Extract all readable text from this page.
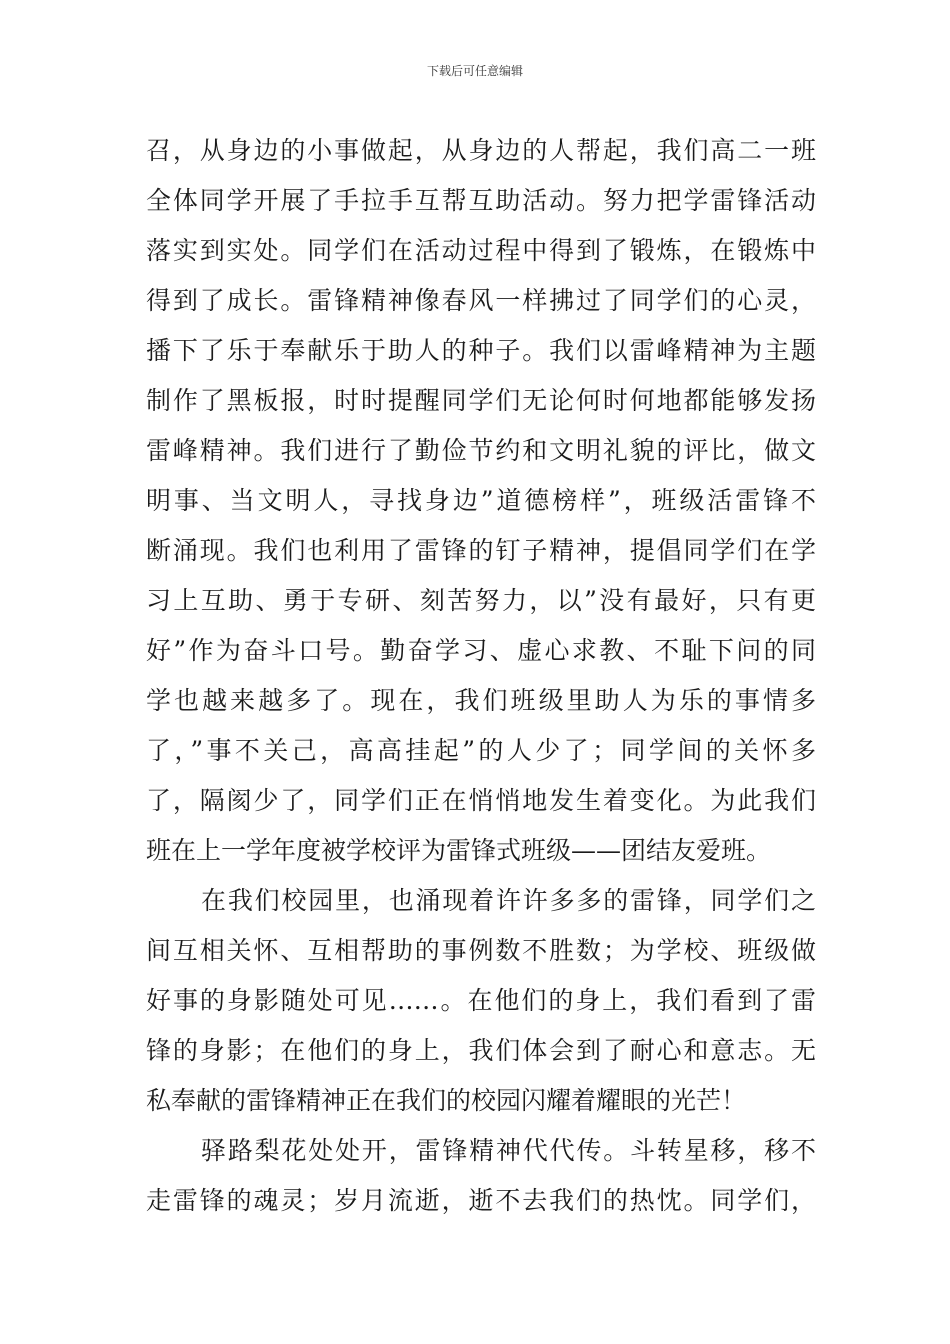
下载后可任意编辑
召，从身边的小事做起，从身边的人帮起，我们高二一班
全体同学开展了手拉手互帮互助活动。努力把学雷锋活动
落实到实处。同学们在活动过程中得到了锻炼，在锻炼中
得到了成长。雷锋精神像春风一样拂过了同学们的心灵，
播下了乐于奉献乐于助人的种子。我们以雷峰精神为主题
制作了黑板报，时时提醒同学们无论何时何地都能够发扬
雷峰精神。我们进行了勤俭节约和文明礼貌的评比，做文
明事、当文明人，寻找身边”道德榜样”，班级活雷锋不
断涌现。我们也利用了雷锋的钉子精神，提倡同学们在学
习上互助、勇于专研、刻苦努力，以”没有最好，只有更
好”作为奋斗口号。勤奋学习、虚心求教、不耻下问的同
学也越来越多了。现在，我们班级里助人为乐的事情多
了，”事不关己，高高挂起”的人少了；同学间的关怀多
了，隔阂少了，同学们正在悄悄地发生着变化。为此我们
班在上一学年度被学校评为雷锋式班级——团结友爱班。
在我们校园里，也涌现着许许多多的雷锋，同学们之
间互相关怀、互相帮助的事例数不胜数；为学校、班级做
好事的身影随处可见……。在他们的身上，我们看到了雷
锋的身影；在他们的身上，我们体会到了耐心和意志。无
私奉献的雷锋精神正在我们的校园闪耀着耀眼的光芒！
驿路梨花处处开，雷锋精神代代传。斗转星移，移不
走雷锋的魂灵；岁月流逝，逝不去我们的热忱。同学们，
